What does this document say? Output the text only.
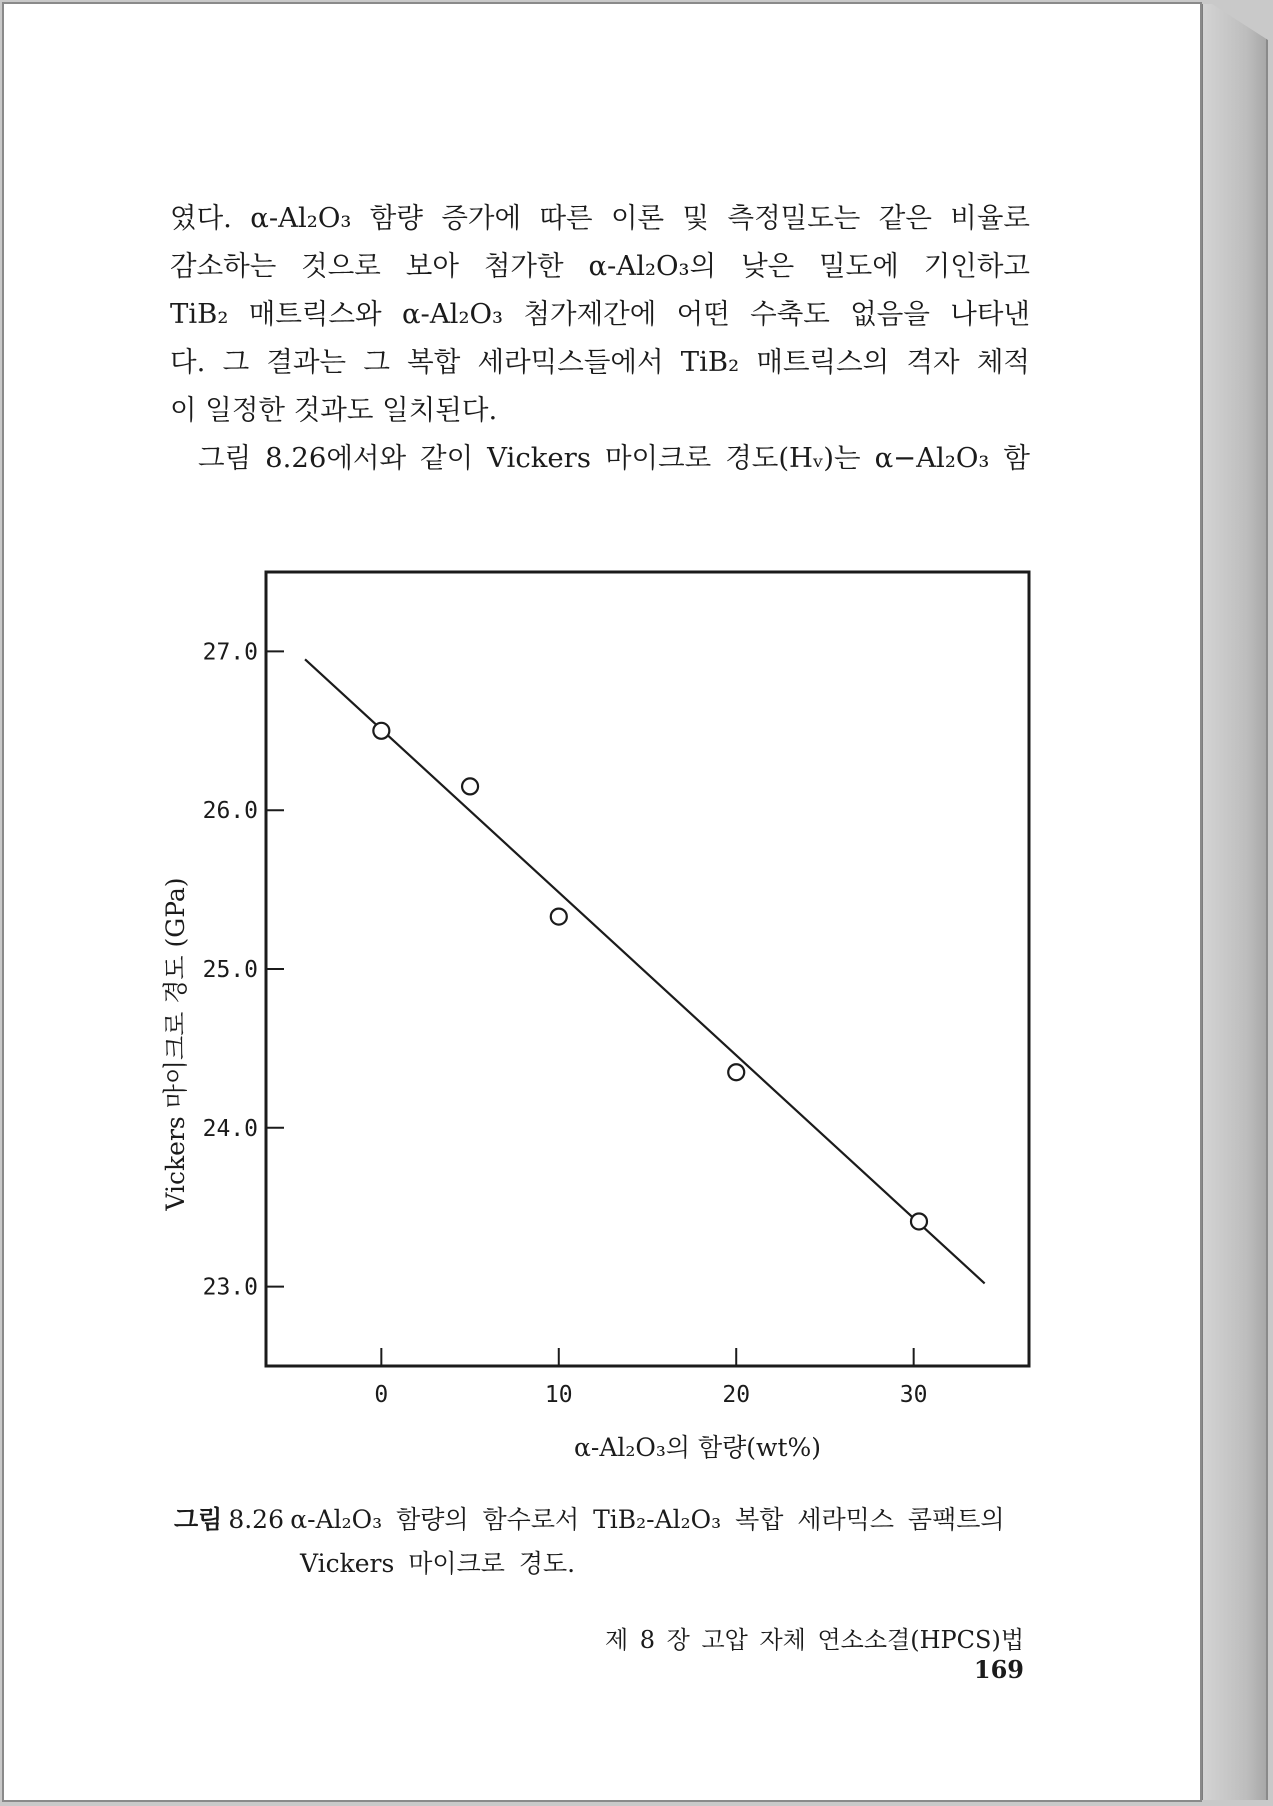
였다. α-Al₂O₃ 함량 증가에 따른 이론 및 측정밀도는 같은 비율로
감소하는 것으로 보아 첨가한 α-Al₂O₃의 낮은 밀도에 기인하고
TiB₂ 매트릭스와 α-Al₂O₃ 첨가제간에 어떤 수축도 없음을 나타낸
다. 그 결과는 그 복합 세라믹스들에서 TiB₂ 매트릭스의 격자 체적
이 일정한 것과도 일치된다.

그림 8.26에서와 같이 Vickers 마이크로 경도(Hᵥ)는 α−Al₂O₃ 함

23.0
24.0
25.0
26.0
27.0
0	10	20	30
α-Al₂O₃의 함량(wt%)
Vickers 마이크로 경도 (GPa)
그림 8.26 α-Al₂O₃ 함량의 함수로서 TiB₂-Al₂O₃ 복합 세라믹스 콤팩트의
Vickers 마이크로 경도.
제 8 장 고압 자체 연소소결(HPCS)법 169
